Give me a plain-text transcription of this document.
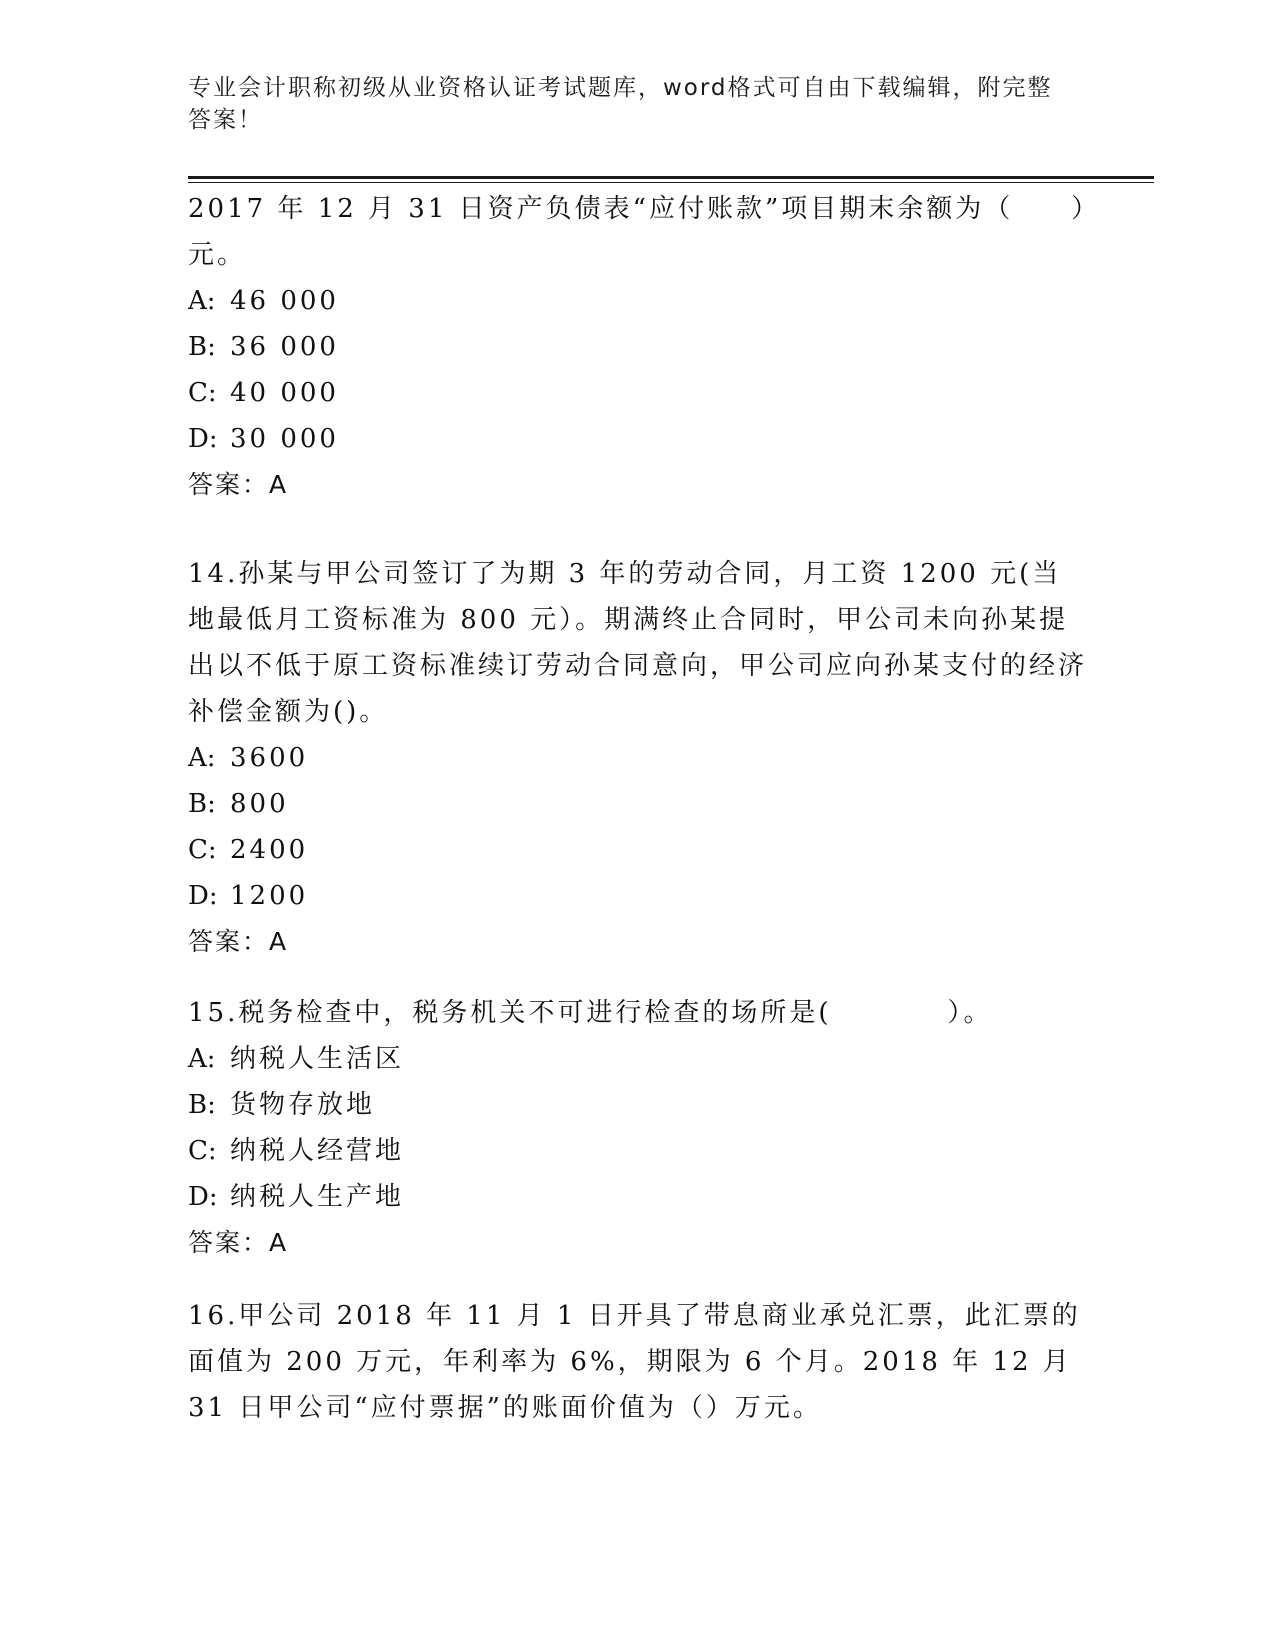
专业会计职称初级从业资格认证考试题库，word格式可自由下载编辑，附完整答案！

2017 年 12 月 31 日资产负债表“应付账款”项目期末余额为（　　）元。

A: 46 000
B: 36 000
C: 40 000
D: 30 000
答案：A

14.孙某与甲公司签订了为期 3 年的劳动合同，月工资 1200 元(当地最低月工资标准为 800 元）。期满终止合同时，甲公司未向孙某提出以不低于原工资标准续订劳动合同意向，甲公司应向孙某支付的经济补偿金额为()。

A: 3600
B: 800
C: 2400
D: 1200
答案：A

15.税务检查中，税务机关不可进行检查的场所是(　　　　）。

A: 纳税人生活区
B: 货物存放地
C: 纳税人经营地
D: 纳税人生产地
答案：A

16.甲公司 2018 年 11 月 1 日开具了带息商业承兑汇票，此汇票的面值为 200 万元，年利率为 6%，期限为 6 个月。2018 年 12 月 31 日甲公司“应付票据”的账面价值为（）万元。
